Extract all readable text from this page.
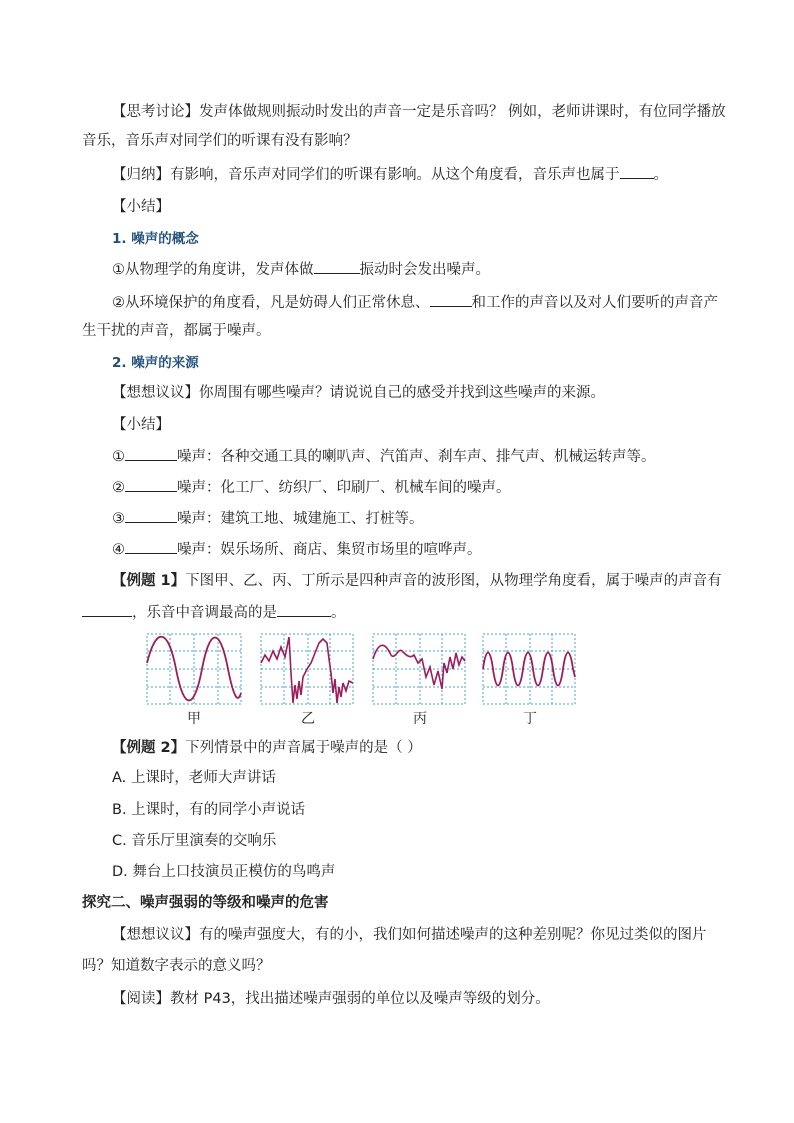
【思考讨论】发声体做规则振动时发出的声音一定是乐音吗？ 例如，老师讲课时，有位同学播放
音乐，音乐声对同学们的听课有没有影响？
【归纳】有影响，音乐声对同学们的听课有影响。从这个角度看，音乐声也属于 。
【小结】
1. 噪声的概念
①从物理学的角度讲，发声体做	振动时会发出噪声。
②从环境保护的角度看，凡是妨碍人们正常休息、	和工作的声音以及对人们要听的声音产
生干扰的声音，都属于噪声。
2. 噪声的来源
【想想议议】你周围有哪些噪声？请说说自己的感受并找到这些噪声的来源。
【小结】
①	噪声：各种交通工具的喇叭声、汽笛声、刹车声、排气声、机械运转声等。
②	噪声：化工厂、纺织厂、印刷厂、机械车间的噪声。
③	噪声：建筑工地、城建施工、打桩等。
④	噪声：娱乐场所、商店、集贸市场里的喧哗声。
【例题 1】下图甲、乙、丙、丁所示是四种声音的波形图，从物理学角度看，属于噪声的声音有
，乐音中音调最高的是	。
甲	乙	丙	丁
【例题 2】下列情景中的声音属于噪声的是（ ）
A. 上课时，老师大声讲话
B. 上课时，有的同学小声说话
C. 音乐厅里演奏的交响乐
D. 舞台上口技演员正模仿的鸟鸣声
探究二、噪声强弱的等级和噪声的危害
【想想议议】有的噪声强度大，有的小，我们如何描述噪声的这种差别呢？你见过类似的图片
吗？知道数字表示的意义吗？
【阅读】教材 P43，找出描述噪声强弱的单位以及噪声等级的划分。
